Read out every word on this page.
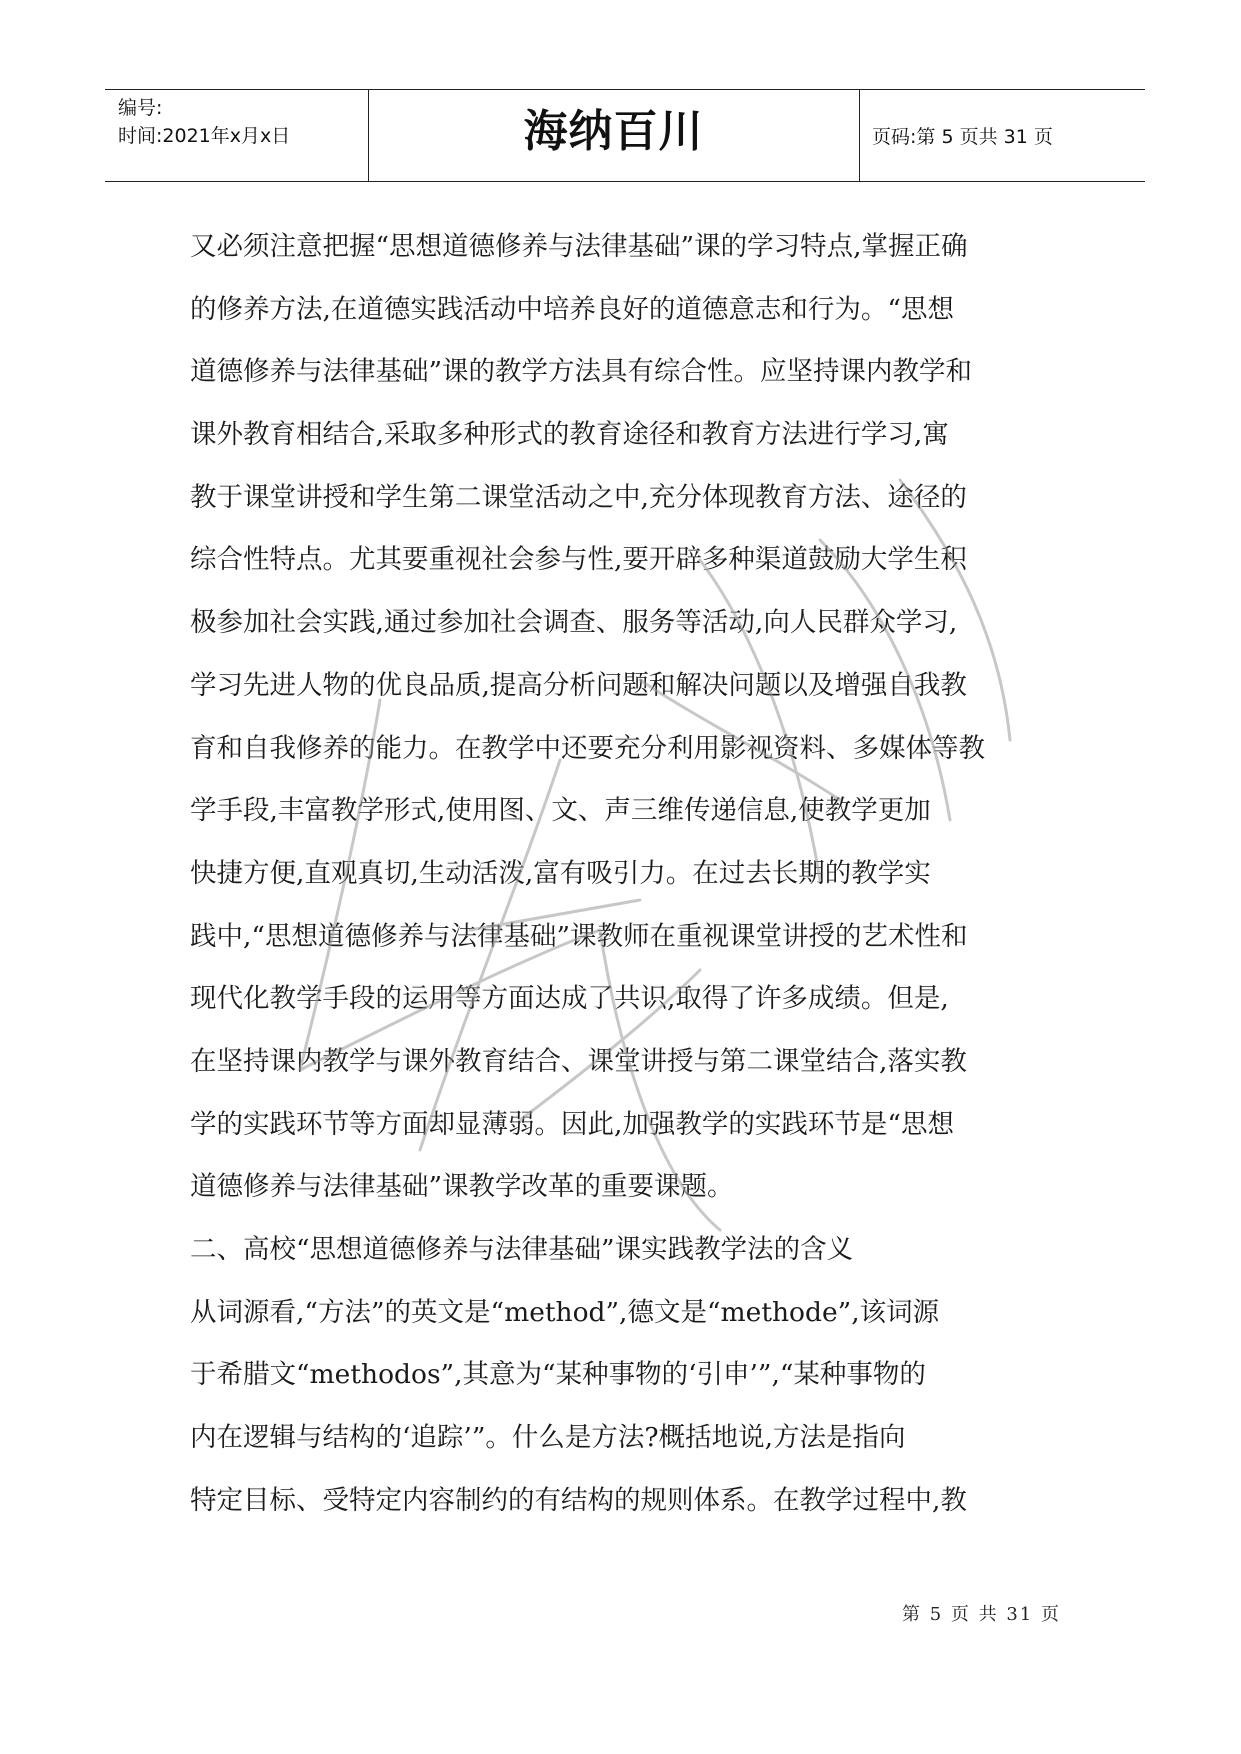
编号:
时间:2021年x月x日	海纳百川	页码:第 5 页共 31 页
又必须注意把握“思想道德修养与法律基础”课的学习特点,掌握正确
的修养方法,在道德实践活动中培养良好的道德意志和行为。“思想
道德修养与法律基础”课的教学方法具有综合性。应坚持课内教学和
课外教育相结合,采取多种形式的教育途径和教育方法进行学习,寓
教于课堂讲授和学生第二课堂活动之中,充分体现教育方法、途径的
综合性特点。尤其要重视社会参与性,要开辟多种渠道鼓励大学生积
极参加社会实践,通过参加社会调查、服务等活动,向人民群众学习,
学习先进人物的优良品质,提高分析问题和解决问题以及增强自我教
育和自我修养的能力。在教学中还要充分利用影视资料、多媒体等教
学手段,丰富教学形式,使用图、文、声三维传递信息,使教学更加
快捷方便,直观真切,生动活泼,富有吸引力。在过去长期的教学实
践中,“思想道德修养与法律基础”课教师在重视课堂讲授的艺术性和
现代化教学手段的运用等方面达成了共识,取得了许多成绩。但是,
在坚持课内教学与课外教育结合、课堂讲授与第二课堂结合,落实教
学的实践环节等方面却显薄弱。因此,加强教学的实践环节是“思想
道德修养与法律基础”课教学改革的重要课题。
二、高校“思想道德修养与法律基础”课实践教学法的含义
从词源看,“方法”的英文是“method”,德文是“methode”,该词源
于希腊文“methodos”,其意为“某种事物的‘引申’”,“某种事物的
内在逻辑与结构的‘追踪’”。什么是方法?概括地说,方法是指向
特定目标、受特定内容制约的有结构的规则体系。在教学过程中,教
第 5 页 共 31 页
